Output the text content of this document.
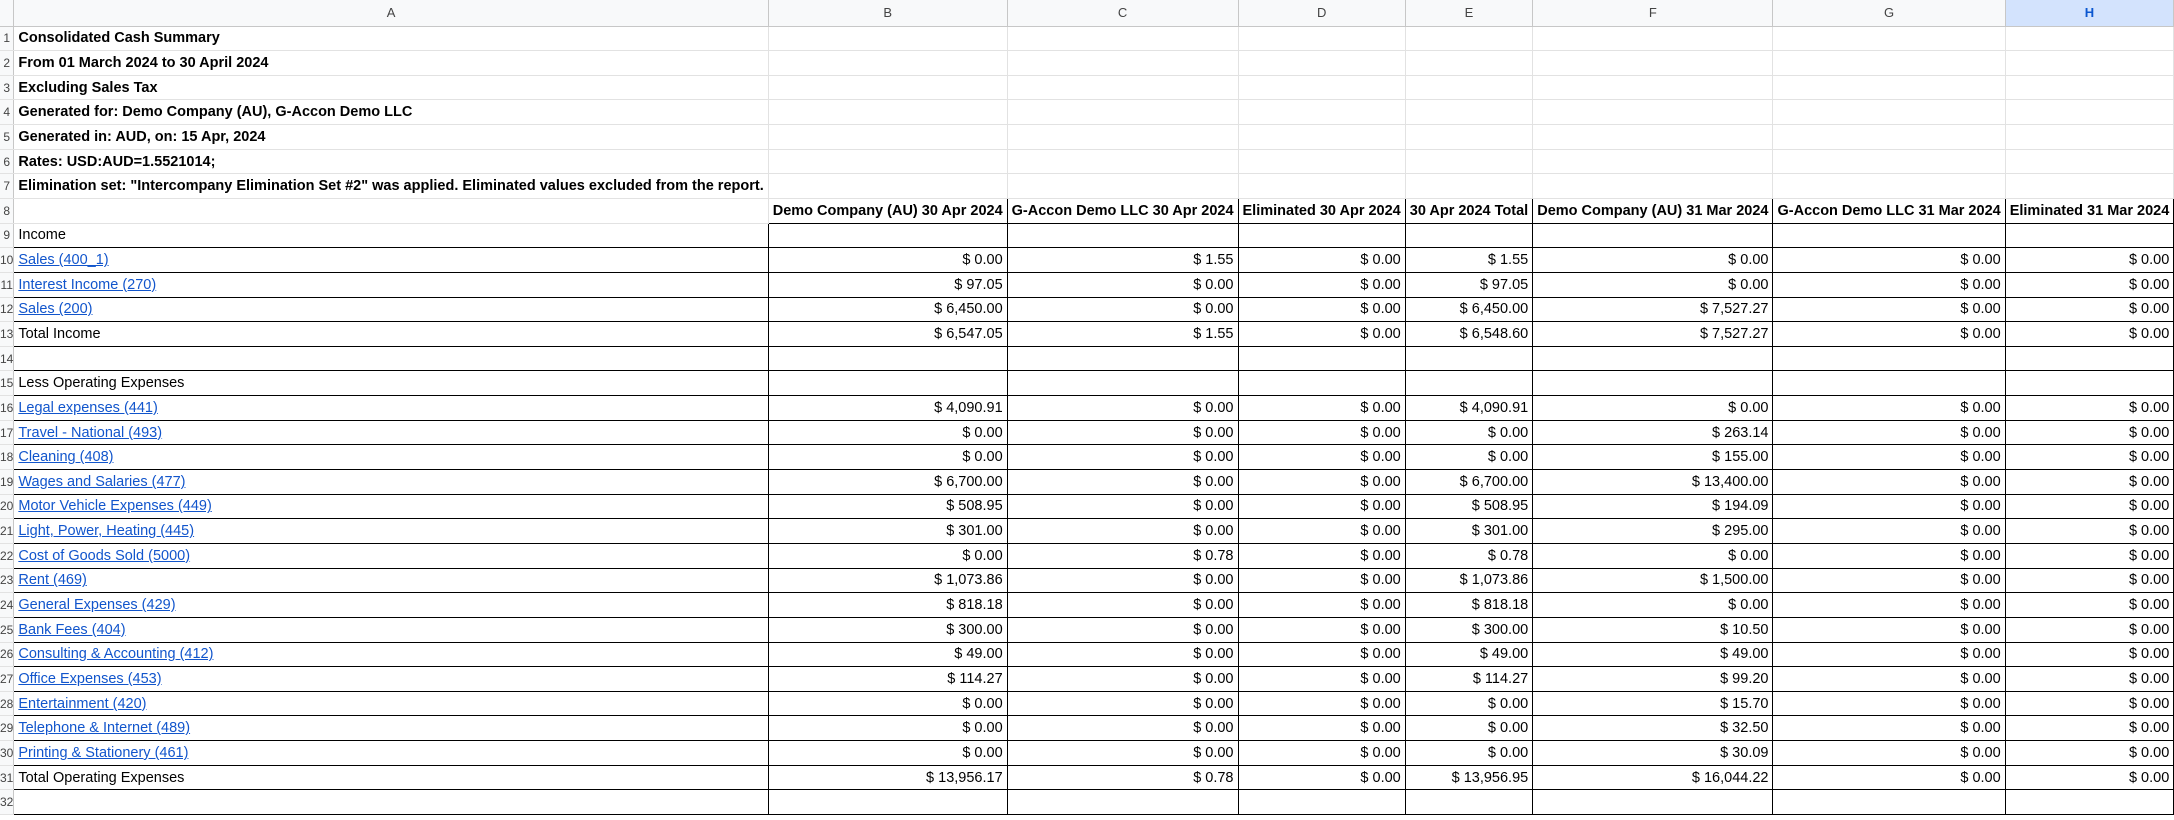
	A	B	C	D	E	F	G	H
1	Consolidated Cash Summary							
2	From 01 March 2024 to 30 April 2024							
3	Excluding Sales Tax							
4	Generated for: Demo Company (AU), G-Accon Demo LLC							
5	Generated in: AUD, on: 15 Apr, 2024							
6	Rates: USD:AUD=1.5521014;							
7	Elimination set: "Intercompany Elimination Set #2" was applied. Eliminated values excluded from the report.							
8		Demo Company (AU) 30 Apr 2024	G-Accon Demo LLC 30 Apr 2024	Eliminated 30 Apr 2024	30 Apr 2024 Total	Demo Company (AU) 31 Mar 2024	G-Accon Demo LLC 31 Mar 2024	Eliminated 31 Mar 2024
9	Income							
10	Sales (400_1)	$ 0.00	$ 1.55	$ 0.00	$ 1.55	$ 0.00	$ 0.00	$ 0.00
11	Interest Income (270)	$ 97.05	$ 0.00	$ 0.00	$ 97.05	$ 0.00	$ 0.00	$ 0.00
12	Sales (200)	$ 6,450.00	$ 0.00	$ 0.00	$ 6,450.00	$ 7,527.27	$ 0.00	$ 0.00
13	Total Income	$ 6,547.05	$ 1.55	$ 0.00	$ 6,548.60	$ 7,527.27	$ 0.00	$ 0.00
14								
15	Less Operating Expenses							
16	Legal expenses (441)	$ 4,090.91	$ 0.00	$ 0.00	$ 4,090.91	$ 0.00	$ 0.00	$ 0.00
17	Travel - National (493)	$ 0.00	$ 0.00	$ 0.00	$ 0.00	$ 263.14	$ 0.00	$ 0.00
18	Cleaning (408)	$ 0.00	$ 0.00	$ 0.00	$ 0.00	$ 155.00	$ 0.00	$ 0.00
19	Wages and Salaries (477)	$ 6,700.00	$ 0.00	$ 0.00	$ 6,700.00	$ 13,400.00	$ 0.00	$ 0.00
20	Motor Vehicle Expenses (449)	$ 508.95	$ 0.00	$ 0.00	$ 508.95	$ 194.09	$ 0.00	$ 0.00
21	Light, Power, Heating (445)	$ 301.00	$ 0.00	$ 0.00	$ 301.00	$ 295.00	$ 0.00	$ 0.00
22	Cost of Goods Sold (5000)	$ 0.00	$ 0.78	$ 0.00	$ 0.78	$ 0.00	$ 0.00	$ 0.00
23	Rent (469)	$ 1,073.86	$ 0.00	$ 0.00	$ 1,073.86	$ 1,500.00	$ 0.00	$ 0.00
24	General Expenses (429)	$ 818.18	$ 0.00	$ 0.00	$ 818.18	$ 0.00	$ 0.00	$ 0.00
25	Bank Fees (404)	$ 300.00	$ 0.00	$ 0.00	$ 300.00	$ 10.50	$ 0.00	$ 0.00
26	Consulting & Accounting (412)	$ 49.00	$ 0.00	$ 0.00	$ 49.00	$ 49.00	$ 0.00	$ 0.00
27	Office Expenses (453)	$ 114.27	$ 0.00	$ 0.00	$ 114.27	$ 99.20	$ 0.00	$ 0.00
28	Entertainment (420)	$ 0.00	$ 0.00	$ 0.00	$ 0.00	$ 15.70	$ 0.00	$ 0.00
29	Telephone & Internet (489)	$ 0.00	$ 0.00	$ 0.00	$ 0.00	$ 32.50	$ 0.00	$ 0.00
30	Printing & Stationery (461)	$ 0.00	$ 0.00	$ 0.00	$ 0.00	$ 30.09	$ 0.00	$ 0.00
31	Total Operating Expenses	$ 13,956.17	$ 0.78	$ 0.00	$ 13,956.95	$ 16,044.22	$ 0.00	$ 0.00
32								
